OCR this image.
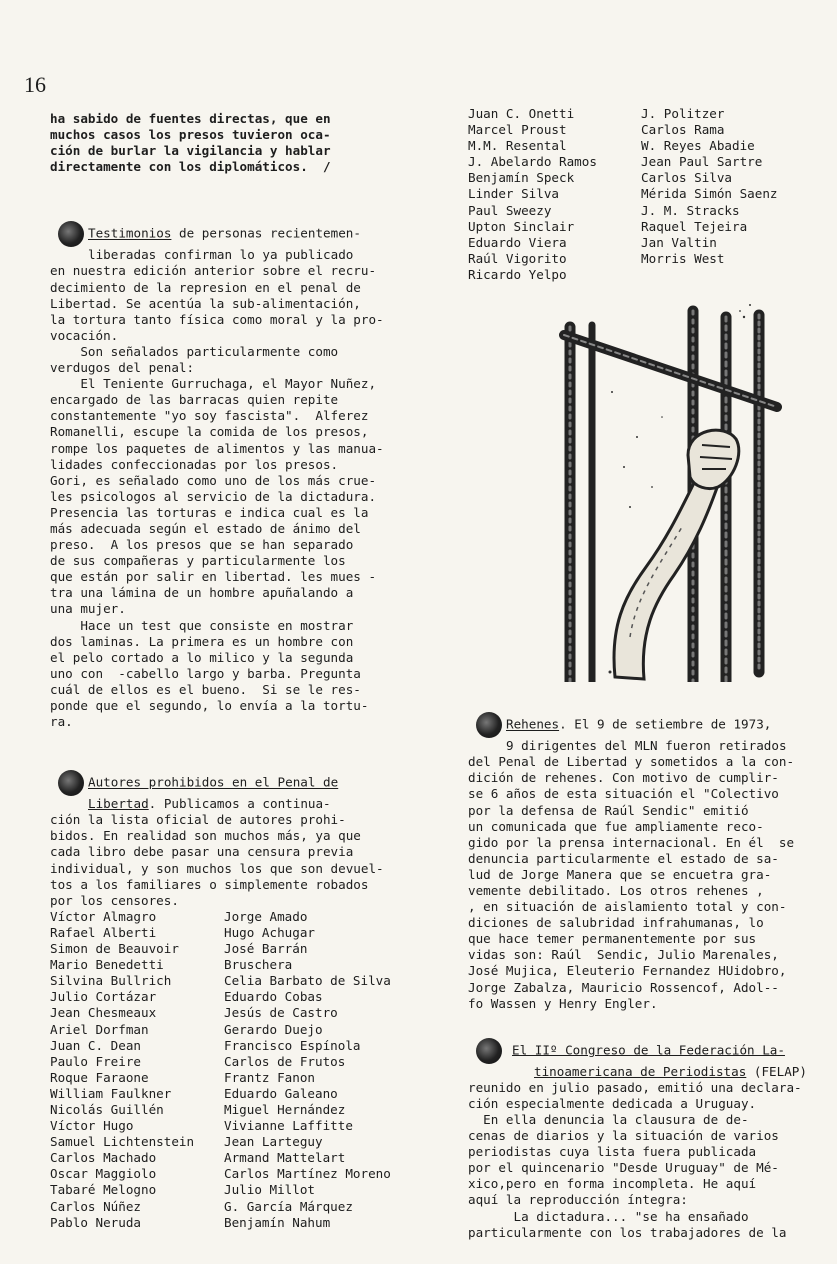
16

ha sabido de fuentes directas, que en

muchos casos los presos tuvieron oca-

ción de burlar la vigilancia y hablar

directamente con los diplomáticos.  /

Testimonios de personas recientemen-

liberadas confirman lo ya publicado

en nuestra edición anterior sobre el recru-

decimiento de la represion en el penal de

Libertad. Se acentúa la sub-alimentación,

la tortura tanto física como moral y la pro-

vocación.

Son señalados particularmente como

verdugos del penal:

El Teniente Gurruchaga, el Mayor Nuñez,

encargado de las barracas quien repite

constantemente "yo soy fascista".  Alferez

Romanelli, escupe la comida de los presos,

rompe los paquetes de alimentos y las manua-

lidades confeccionadas por los presos.

Gori, es señalado como uno de los más crue-

les psicologos al servicio de la dictadura.

Presencia las torturas e indica cual es la

más adecuada según el estado de ánimo del

preso.  A los presos que se han separado

de sus compañeras y particularmente los

que están por salir en libertad. les mues -

tra una lámina de un hombre apuñalando a

una mujer.

Hace un test que consiste en mostrar

dos laminas. La primera es un hombre con

el pelo cortado a lo milico y la segunda

uno con  -cabello largo y barba. Pregunta

cuál de ellos es el bueno.  Si se le res-

ponde que el segundo, lo envía a la tortu-

ra.

Autores prohibidos en el Penal de

Libertad. Publicamos a continua-

ción la lista oficial de autores prohi-

bidos. En realidad son muchos más, ya que

cada libro debe pasar una censura previa

individual, y son muchos los que son devuel-

tos a los familiares o simplemente robados

por los censores.

Víctor Almagro

Rafael Alberti

Simon de Beauvoir

Mario Benedetti

Silvina Bullrich

Julio Cortázar

Jean Chesmeaux

Ariel Dorfman

Juan C. Dean

Paulo Freire

Roque Faraone

William Faulkner

Nicolás Guillén

Víctor Hugo

Samuel Lichtenstein

Carlos Machado

Oscar Maggiolo

Tabaré Melogno

Carlos Núñez

Pablo Neruda

Jorge Amado

Hugo Achugar

José Barrán

Bruschera

Celia Barbato de Silva

Eduardo Cobas

Jesús de Castro

Gerardo Duejo

Francisco Espínola

Carlos de Frutos

Frantz Fanon

Eduardo Galeano

Miguel Hernández

Vivianne Laffitte

Jean Larteguy

Armand Mattelart

Carlos Martínez Moreno

Julio Millot

G. García Márquez

Benjamín Nahum

Juan C. Onetti

Marcel Proust

M.M. Resental

J. Abelardo Ramos

Benjamín Speck

Linder Silva

Paul Sweezy

Upton Sinclair

Eduardo Viera

Raúl Vigorito

Ricardo Yelpo

J. Politzer

Carlos Rama

W. Reyes Abadie

Jean Paul Sartre

Carlos Silva

Mérida Simón Saenz

J. M. Stracks

Raquel Tejeira

Jan Valtin

Morris West

Rehenes. El 9 de setiembre de 1973,

9 dirigentes del MLN fueron retirados

del Penal de Libertad y sometidos a la con-

dición de rehenes. Con motivo de cumplir-

se 6 años de esta situación el "Colectivo

por la defensa de Raúl Sendic" emitió

un comunicada que fue ampliamente reco-

gido por la prensa internacional. En él  se

denuncia particularmente el estado de sa-

lud de Jorge Manera que se encuetra gra-

vemente debilitado. Los otros rehenes ,

, en situación de aislamiento total y con-

diciones de salubridad infrahumanas, lo

que hace temer permanentemente por sus

vidas son: Raúl  Sendic, Julio Marenales,

José Mujica, Eleuterio Fernandez HUidobro,

Jorge Zabalza, Mauricio Rossencof, Adol--

fo Wassen y Henry Engler.

El IIº Congreso de la Federación La-

tinoamericana de Periodistas (FELAP)

reunido en julio pasado, emitió una declara-

ción especialmente dedicada a Uruguay.

En ella denuncia la clausura de de-

cenas de diarios y la situación de varios

periodistas cuya lista fuera publicada

por el quincenario "Desde Uruguay" de Mé-

xico,pero en forma incompleta. He aquí

aquí la reproducción íntegra:

La dictadura... "se ha ensañado

particularmente con los trabajadores de la
